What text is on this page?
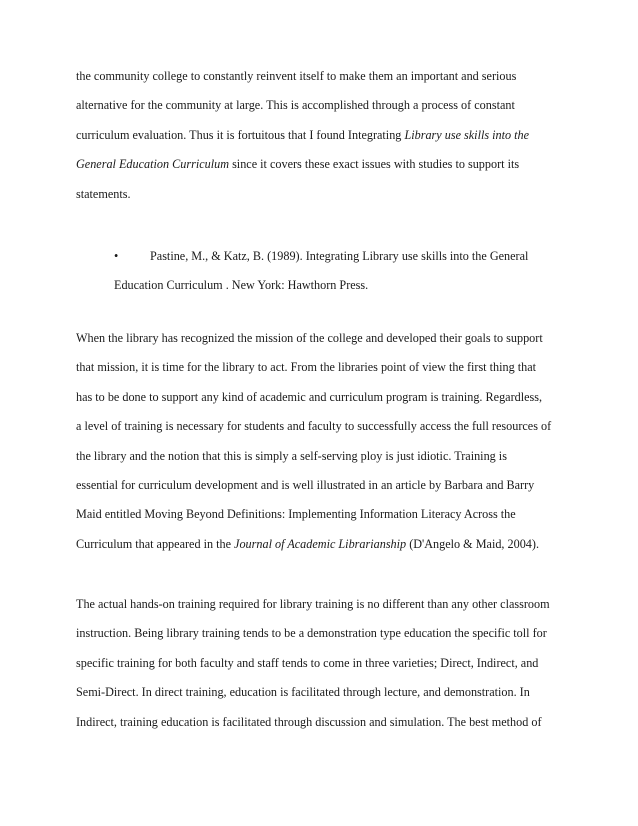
the community college to constantly reinvent itself to make them an important and serious
alternative for the community at large. This is accomplished through a process of constant
curriculum evaluation. Thus it is fortuitous that I found Integrating Library use skills into the
General Education Curriculum since it covers these exact issues with studies to support its
statements.

•	Pastine, M., & Katz, B. (1989). Integrating Library use skills into the General
Education Curriculum . New York: Hawthorn Press.

When the library has recognized the mission of the college and developed their goals to support
that mission, it is time for the library to act. From the libraries point of view the first thing that
has to be done to support any kind of academic and curriculum program is training. Regardless,
a level of training is necessary for students and faculty to successfully access the full resources of
the library and the notion that this is simply a self-serving ploy is just idiotic. Training is
essential for curriculum development and is well illustrated in an article by Barbara and Barry
Maid entitled Moving Beyond Definitions: Implementing Information Literacy Across the
Curriculum that appeared in the Journal of Academic Librarianship (D'Angelo & Maid, 2004).

The actual hands-on training required for library training is no different than any other classroom
instruction. Being library training tends to be a demonstration type education the specific toll for
specific training for both faculty and staff tends to come in three varieties; Direct, Indirect, and
Semi-Direct. In direct training, education is facilitated through lecture, and demonstration. In
Indirect, training education is facilitated through discussion and simulation. The best method of
